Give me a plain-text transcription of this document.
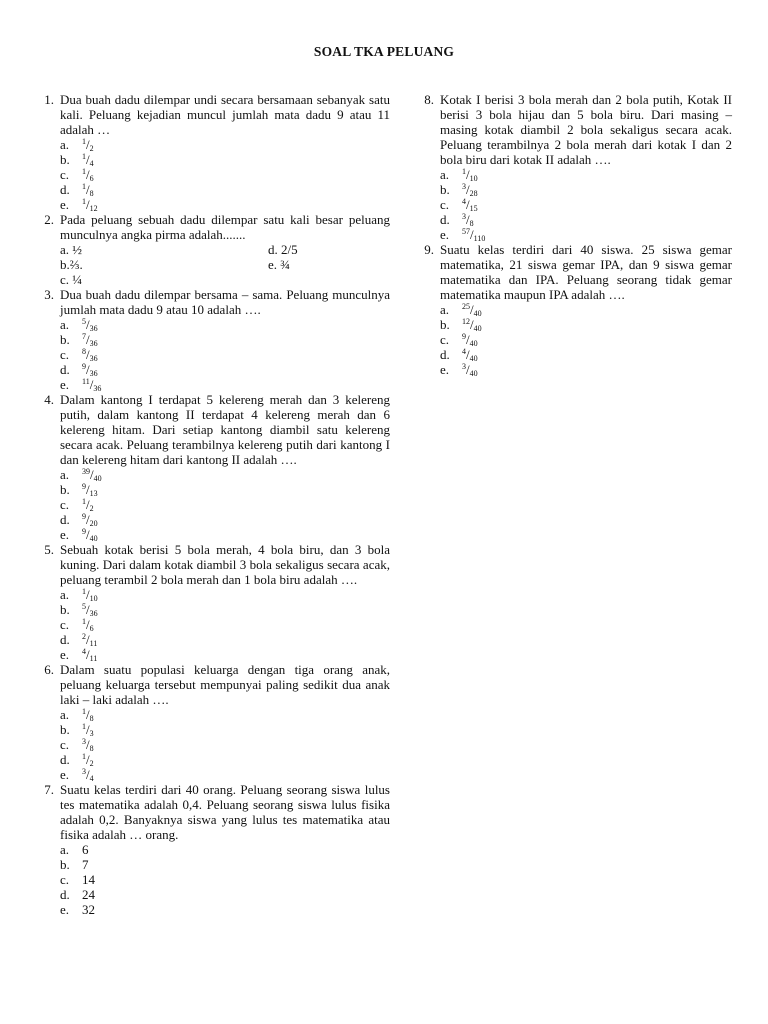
SOAL TKA PELUANG
1. Dua buah dadu dilempar undi secara bersamaan sebanyak satu kali. Peluang kejadian muncul jumlah mata dadu 9 atau 11 adalah …
a.	$^1/_2$
b.	$^1/_4$
c.	$^1/_6$
d.	$^1/_8$
e.	$^1/_{12}$
2. Pada peluang sebuah dadu dilempar satu kali besar peluang munculnya angka pirma adalah.......
a. ½	d. 2/5
b.⅔.	e. ¾
c. ¼
3. Dua buah dadu dilempar bersama – sama. Peluang munculnya jumlah mata dadu 9 atau 10 adalah ….
a.	$^5/_{36}$
b.	$^7/_{36}$
c.	$^8/_{36}$
d.	$^9/_{36}$
e.	$^{11}/_{36}$
4. Dalam kantong I terdapat 5 kelereng merah dan 3 kelereng putih, dalam kantong II terdapat 4 kelereng merah dan 6 kelereng hitam. Dari setiap kantong diambil satu kelereng secara acak. Peluang terambilnya kelereng putih dari kantong I dan kelereng hitam dari kantong II adalah ….
a.	$^{39}/_{40}$
b.	$^9/_{13}$
c.	$^1/_2$
d.	$^9/_{20}$
e.	$^9/_{40}$
5. Sebuah kotak berisi 5 bola merah, 4 bola biru, dan 3 bola kuning. Dari dalam kotak diambil 3 bola sekaligus secara acak, peluang terambil 2 bola merah dan 1 bola biru adalah ….
a.	$^1/_{10}$
b.	$^5/_{36}$
c.	$^1/_6$
d.	$^2/_{11}$
e.	$^4/_{11}$
6. Dalam suatu populasi keluarga dengan tiga orang anak, peluang keluarga tersebut mempunyai paling sedikit dua anak laki – laki adalah ….
a.	$^1/_8$
b.	$^1/_3$
c.	$^3/_8$
d.	$^1/_2$
e.	$^3/_4$
7. Suatu kelas terdiri dari 40 orang. Peluang seorang siswa lulus tes matematika adalah 0,4. Peluang seorang siswa lulus fisika adalah 0,2. Banyaknya siswa yang lulus tes matematika atau fisika adalah … orang.
a. 6
b. 7
c. 14
d. 24
e. 32
8. Kotak I berisi 3 bola merah dan 2 bola putih, Kotak II berisi 3 bola hijau dan 5 bola biru. Dari masing – masing kotak diambil 2 bola sekaligus secara acak. Peluang terambilnya 2 bola merah dari kotak I dan 2 bola biru dari kotak II adalah ….
a.	$^1/_{10}$
b.	$^3/_{28}$
c.	$^4/_{15}$
d.	$^3/_8$
e.	$^{57}/_{110}$
9. Suatu kelas terdiri dari 40 siswa. 25 siswa gemar matematika, 21 siswa gemar IPA, dan 9 siswa gemar matematika dan IPA. Peluang seorang tidak gemar matematika maupun IPA adalah ….
a.	$^{25}/_{40}$
b.	$^{12}/_{40}$
c.	$^9/_{40}$
d.	$^4/_{40}$
e.	$^3/_{40}$
